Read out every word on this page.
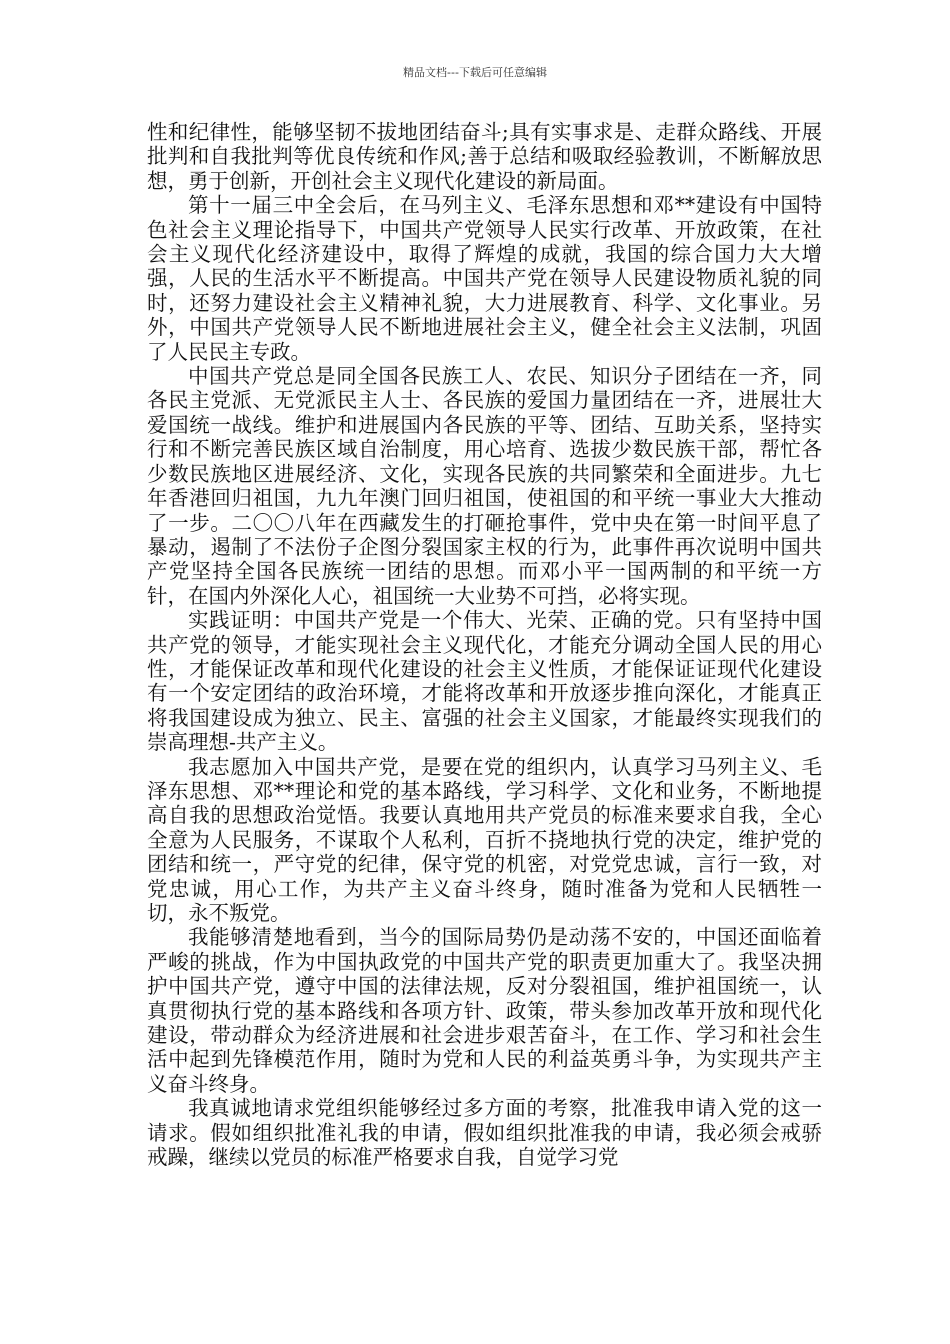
精品文档---下载后可任意编辑

性和纪律性，能够坚韧不拔地团结奋斗;具有实事求是、走群众路线、开展批判和自我批判等优良传统和作风;善于总结和吸取经验教训，不断解放思想，勇于创新，开创社会主义现代化建设的新局面。

第十一届三中全会后，在马列主义、毛泽东思想和邓**建设有中国特色社会主义理论指导下，中国共产党领导人民实行改革、开放政策，在社会主义现代化经济建设中，取得了辉煌的成就，我国的综合国力大大增强，人民的生活水平不断提高。中国共产党在领导人民建设物质礼貌的同时，还努力建设社会主义精神礼貌，大力进展教育、科学、文化事业。另外，中国共产党领导人民不断地进展社会主义，健全社会主义法制，巩固了人民民主专政。

中国共产党总是同全国各民族工人、农民、知识分子团结在一齐，同各民主党派、无党派民主人士、各民族的爱国力量团结在一齐，进展壮大爱国统一战线。维护和进展国内各民族的平等、团结、互助关系，坚持实行和不断完善民族区域自治制度，用心培育、选拔少数民族干部，帮忙各少数民族地区进展经济、文化，实现各民族的共同繁荣和全面进步。九七年香港回归祖国，九九年澳门回归祖国，使祖国的和平统一事业大大推动了一步。二〇〇八年在西藏发生的打砸抢事件，党中央在第一时间平息了暴动，遏制了不法份子企图分裂国家主权的行为，此事件再次说明中国共产党坚持全国各民族统一团结的思想。而邓小平一国两制的和平统一方针，在国内外深化人心，祖国统一大业势不可挡，必将实现。

实践证明：中国共产党是一个伟大、光荣、正确的党。只有坚持中国共产党的领导，才能实现社会主义现代化，才能充分调动全国人民的用心性，才能保证改革和现代化建设的社会主义性质，才能保证证现代化建设有一个安定团结的政治环境，才能将改革和开放逐步推向深化，才能真正将我国建设成为独立、民主、富强的社会主义国家，才能最终实现我们的崇高理想-共产主义。

我志愿加入中国共产党，是要在党的组织内，认真学习马列主义、毛泽东思想、邓**理论和党的基本路线，学习科学、文化和业务，不断地提高自我的思想政治觉悟。我要认真地用共产党员的标准来要求自我，全心全意为人民服务，不谋取个人私利，百折不挠地执行党的决定，维护党的团结和统一，严守党的纪律，保守党的机密，对党党忠诚，言行一致，对党忠诚，用心工作，为共产主义奋斗终身，随时准备为党和人民牺牲一切，永不叛党。

我能够清楚地看到，当今的国际局势仍是动荡不安的，中国还面临着严峻的挑战，作为中国执政党的中国共产党的职责更加重大了。我坚决拥护中国共产党，遵守中国的法律法规，反对分裂祖国，维护祖国统一，认真贯彻执行党的基本路线和各项方针、政策，带头参加改革开放和现代化建设，带动群众为经济进展和社会进步艰苦奋斗，在工作、学习和社会生活中起到先锋模范作用，随时为党和人民的利益英勇斗争，为实现共产主义奋斗终身。

我真诚地请求党组织能够经过多方面的考察，批准我申请入党的这一请求。假如组织批准礼我的申请，假如组织批准我的申请，我必须会戒骄戒躁，继续以党员的标准严格要求自我，自觉学习党
